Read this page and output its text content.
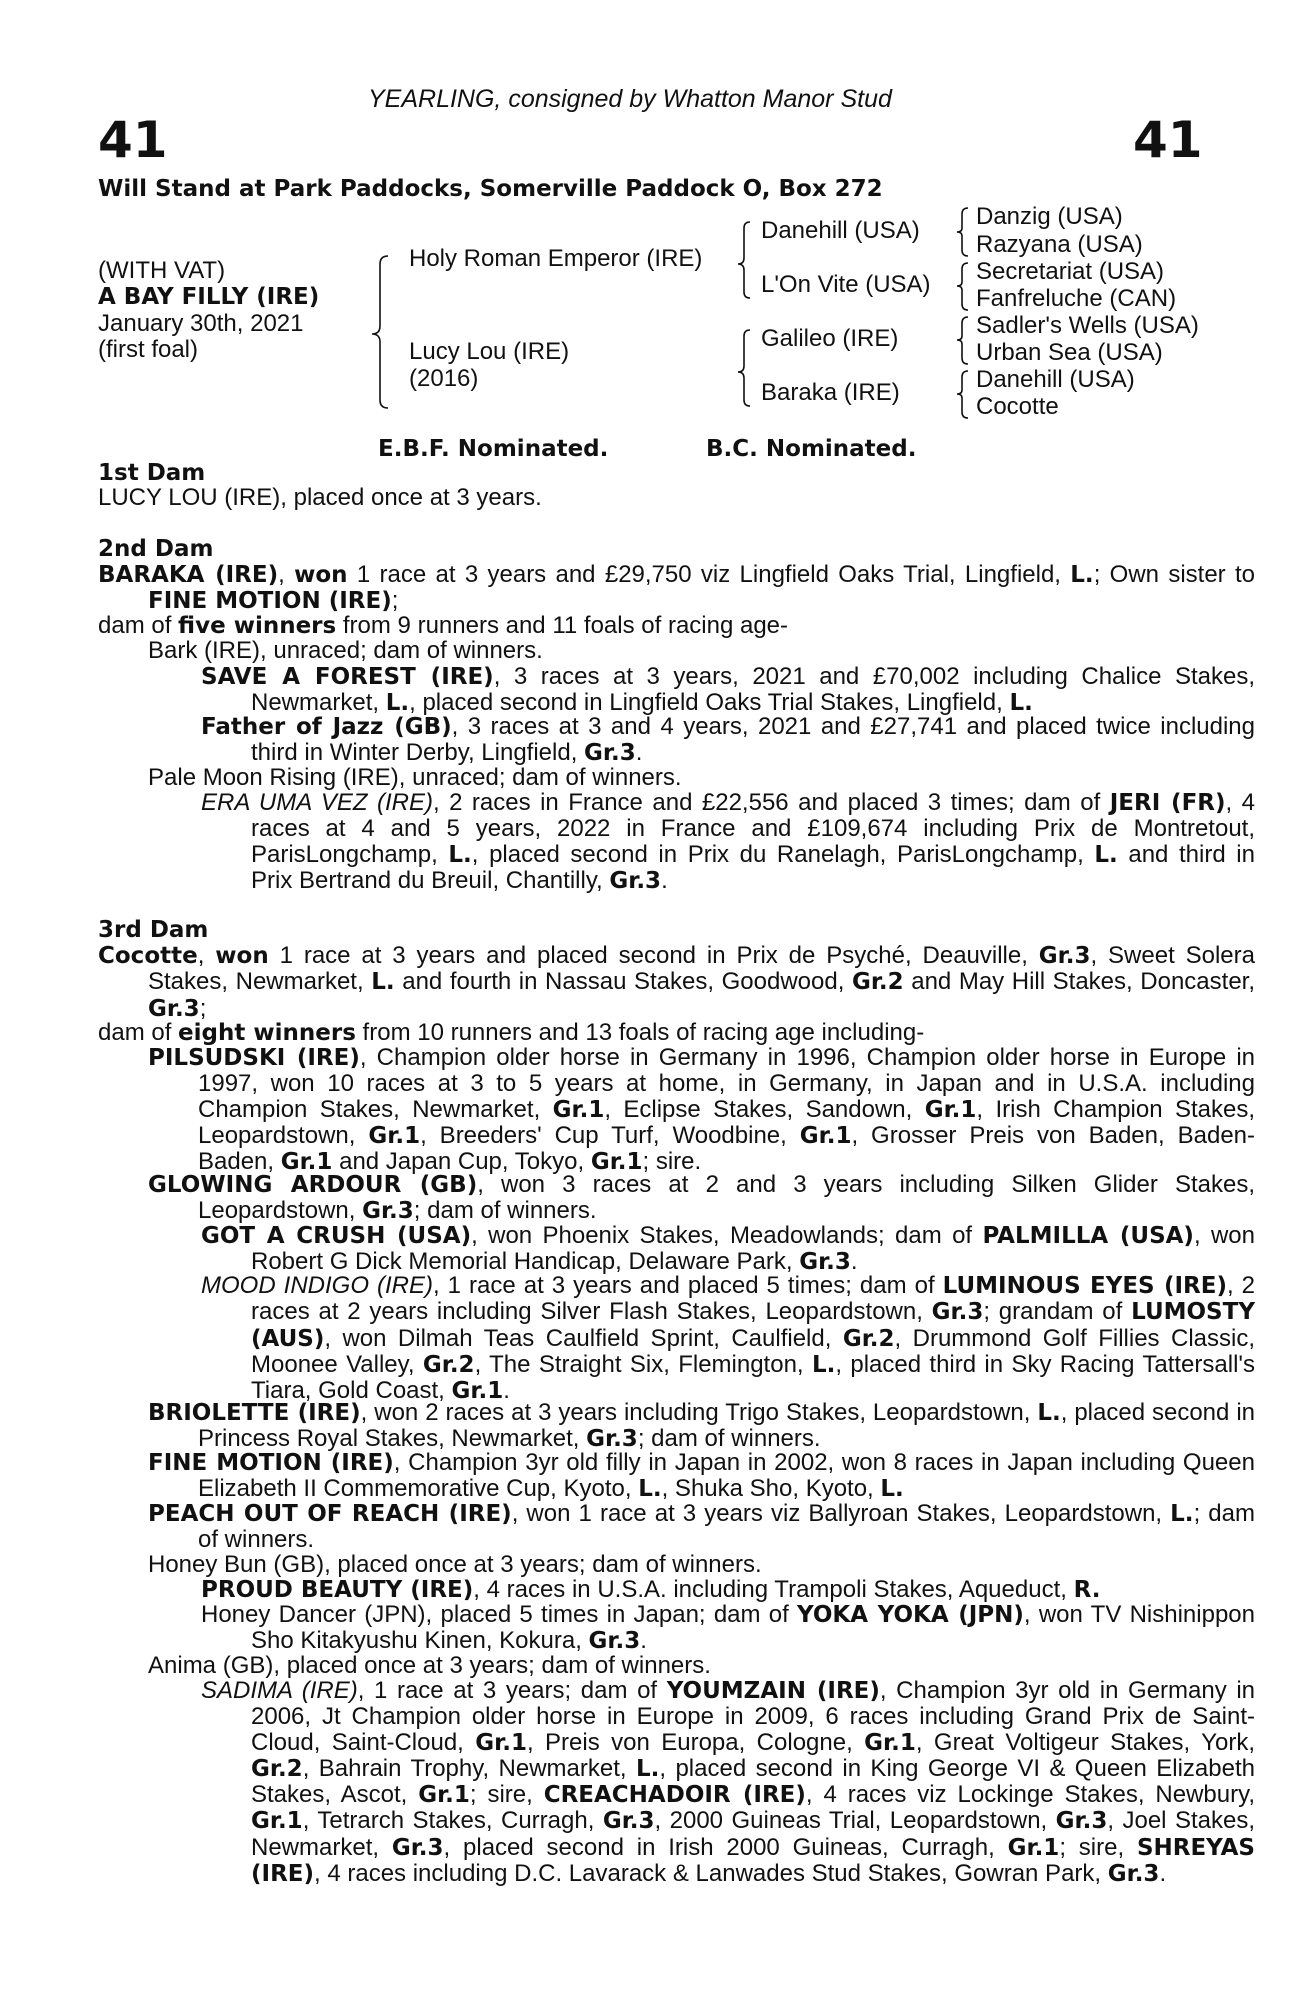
YEARLING, consigned by Whatton Manor Stud
41	41
Will Stand at Park Paddocks, Somerville Paddock O, Box 272
(WITH VAT)
A BAY FILLY (IRE)
January 30th, 2021
(first foal)
Holy Roman Emperor (IRE)
Lucy Lou (IRE)
(2016)
Danehill (USA)
L'On Vite (USA)
Galileo (IRE)
Baraka (IRE)
Danzig (USA)
Razyana (USA)
Secretariat (USA)
Fanfreluche (CAN)
Sadler's Wells (USA)
Urban Sea (USA)
Danehill (USA)
Cocotte
E.B.F. Nominated.	B.C. Nominated.
1st Dam
LUCY LOU (IRE), placed once at 3 years.
2nd Dam
BARAKA (IRE), won 1 race at 3 years and £29,750 viz Lingfield Oaks Trial, Lingfield, L.; Own sister to FINE MOTION (IRE);
dam of five winners from 9 runners and 11 foals of racing age-
Bark (IRE), unraced; dam of winners.
SAVE A FOREST (IRE), 3 races at 3 years, 2021 and £70,002 including Chalice Stakes, Newmarket, L., placed second in Lingfield Oaks Trial Stakes, Lingfield, L.
Father of Jazz (GB), 3 races at 3 and 4 years, 2021 and £27,741 and placed twice including third in Winter Derby, Lingfield, Gr.3.
Pale Moon Rising (IRE), unraced; dam of winners.
ERA UMA VEZ (IRE), 2 races in France and £22,556 and placed 3 times; dam of JERI (FR), 4 races at 4 and 5 years, 2022 in France and £109,674 including Prix de Montretout, ParisLongchamp, L., placed second in Prix du Ranelagh, ParisLongchamp, L. and third in Prix Bertrand du Breuil, Chantilly, Gr.3.
3rd Dam
Cocotte, won 1 race at 3 years and placed second in Prix de Psyché, Deauville, Gr.3, Sweet Solera Stakes, Newmarket, L. and fourth in Nassau Stakes, Goodwood, Gr.2 and May Hill Stakes, Doncaster, Gr.3;
dam of eight winners from 10 runners and 13 foals of racing age including-
PILSUDSKI (IRE), Champion older horse in Germany in 1996, Champion older horse in Europe in 1997, won 10 races at 3 to 5 years at home, in Germany, in Japan and in U.S.A. including Champion Stakes, Newmarket, Gr.1, Eclipse Stakes, Sandown, Gr.1, Irish Champion Stakes, Leopardstown, Gr.1, Breeders' Cup Turf, Woodbine, Gr.1, Grosser Preis von Baden, Baden-Baden, Gr.1 and Japan Cup, Tokyo, Gr.1; sire.
GLOWING ARDOUR (GB), won 3 races at 2 and 3 years including Silken Glider Stakes, Leopardstown, Gr.3; dam of winners.
GOT A CRUSH (USA), won Phoenix Stakes, Meadowlands; dam of PALMILLA (USA), won Robert G Dick Memorial Handicap, Delaware Park, Gr.3.
MOOD INDIGO (IRE), 1 race at 3 years and placed 5 times; dam of LUMINOUS EYES (IRE), 2 races at 2 years including Silver Flash Stakes, Leopardstown, Gr.3; grandam of LUMOSTY (AUS), won Dilmah Teas Caulfield Sprint, Caulfield, Gr.2, Drummond Golf Fillies Classic, Moonee Valley, Gr.2, The Straight Six, Flemington, L., placed third in Sky Racing Tattersall's Tiara, Gold Coast, Gr.1.
BRIOLETTE (IRE), won 2 races at 3 years including Trigo Stakes, Leopardstown, L., placed second in Princess Royal Stakes, Newmarket, Gr.3; dam of winners.
FINE MOTION (IRE), Champion 3yr old filly in Japan in 2002, won 8 races in Japan including Queen Elizabeth II Commemorative Cup, Kyoto, L., Shuka Sho, Kyoto, L.
PEACH OUT OF REACH (IRE), won 1 race at 3 years viz Ballyroan Stakes, Leopardstown, L.; dam of winners.
Honey Bun (GB), placed once at 3 years; dam of winners.
PROUD BEAUTY (IRE), 4 races in U.S.A. including Trampoli Stakes, Aqueduct, R.
Honey Dancer (JPN), placed 5 times in Japan; dam of YOKA YOKA (JPN), won TV Nishinippon Sho Kitakyushu Kinen, Kokura, Gr.3.
Anima (GB), placed once at 3 years; dam of winners.
SADIMA (IRE), 1 race at 3 years; dam of YOUMZAIN (IRE), Champion 3yr old in Germany in 2006, Jt Champion older horse in Europe in 2009, 6 races including Grand Prix de Saint-Cloud, Saint-Cloud, Gr.1, Preis von Europa, Cologne, Gr.1, Great Voltigeur Stakes, York, Gr.2, Bahrain Trophy, Newmarket, L., placed second in King George VI & Queen Elizabeth Stakes, Ascot, Gr.1; sire, CREACHADOIR (IRE), 4 races viz Lockinge Stakes, Newbury, Gr.1, Tetrarch Stakes, Curragh, Gr.3, 2000 Guineas Trial, Leopardstown, Gr.3, Joel Stakes, Newmarket, Gr.3, placed second in Irish 2000 Guineas, Curragh, Gr.1; sire, SHREYAS (IRE), 4 races including D.C. Lavarack & Lanwades Stud Stakes, Gowran Park, Gr.3.
